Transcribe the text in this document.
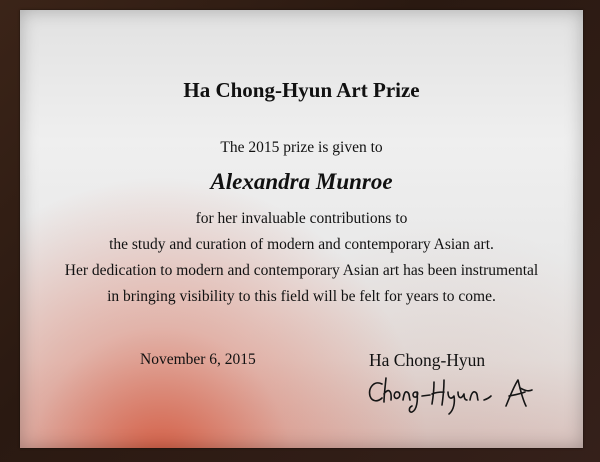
Ha Chong-Hyun Art Prize
The 2015 prize is given to
Alexandra Munroe
for her invaluable contributions to
the study and curation of modern and contemporary Asian art.
Her dedication to modern and contemporary Asian art has been instrumental
in bringing visibility to this field will be felt for years to come.
November 6, 2015	Ha Chong-Hyun
